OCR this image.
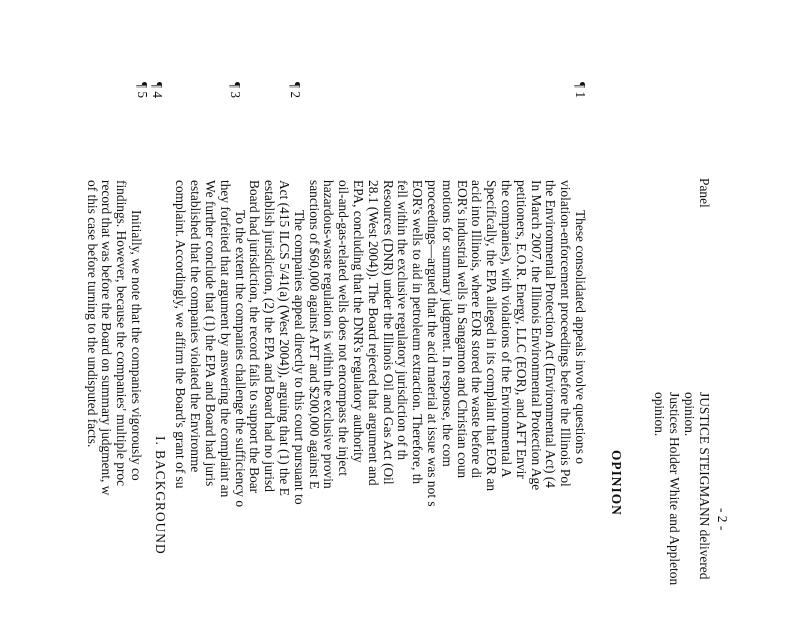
- 2 -
Panel
JUSTICE STEIGMANN delivered
opinion.
Justices Holder White and Appleton
opinion.
OPINION
¶ 1
¶ 2
¶ 3
¶ 4
¶ 5
I. BACKGROUND
These consolidated appeals involve questions o
violation-enforcement proceedings before the Illinois Pol
the Environmental Protection Act (Environmental Act) (4
In March 2007, the Illinois Environmental Protection Age
petitioners, E.O.R. Energy, LLC (EOR), and AFT Envir
the companies), with violations of the Environmental A
Specifically, the EPA alleged in its complaint that EOR an
acid into Illinois, where EOR stored the waste before di
EOR's industrial wells in Sangamon and Christian coun
motions for summary judgment. In response, the com
proceedings—argued that the acid material at issue was not s
EOR's wells to aid in petroleum extraction. Therefore, th
fell within the exclusive regulatory jurisdiction of th
Resources (DNR) under the Illinois Oil and Gas Act (Oil
28.1 (West 2004)). The Board rejected that argument and
EPA, concluding that the DNR's regulatory authority
oil-and-gas-related wells does not encompass the inject
hazardous-waste regulation is within the exclusive provin
sanctions of $60,000 against AFT and $200,000 against E
The companies appeal directly to this court pursuant to
Act (415 ILCS 5/41(a) (West 2004)), arguing that (1) the E
establish jurisdiction, (2) the EPA and Board had no jurisd
Board had jurisdiction, the record fails to support the Boar
To the extent the companies challenge the sufficiency o
they forfeited that argument by answering the complaint an
We further conclude that (1) the EPA and Board had juris
established that the companies violated the Environme
complaint. Accordingly, we affirm the Board's grant of su
Initially, we note that the companies vigorously co
findings. However, because the companies' multiple proc
record that was before the Board on summary judgment, w
of this case before turning to the undisputed facts.
